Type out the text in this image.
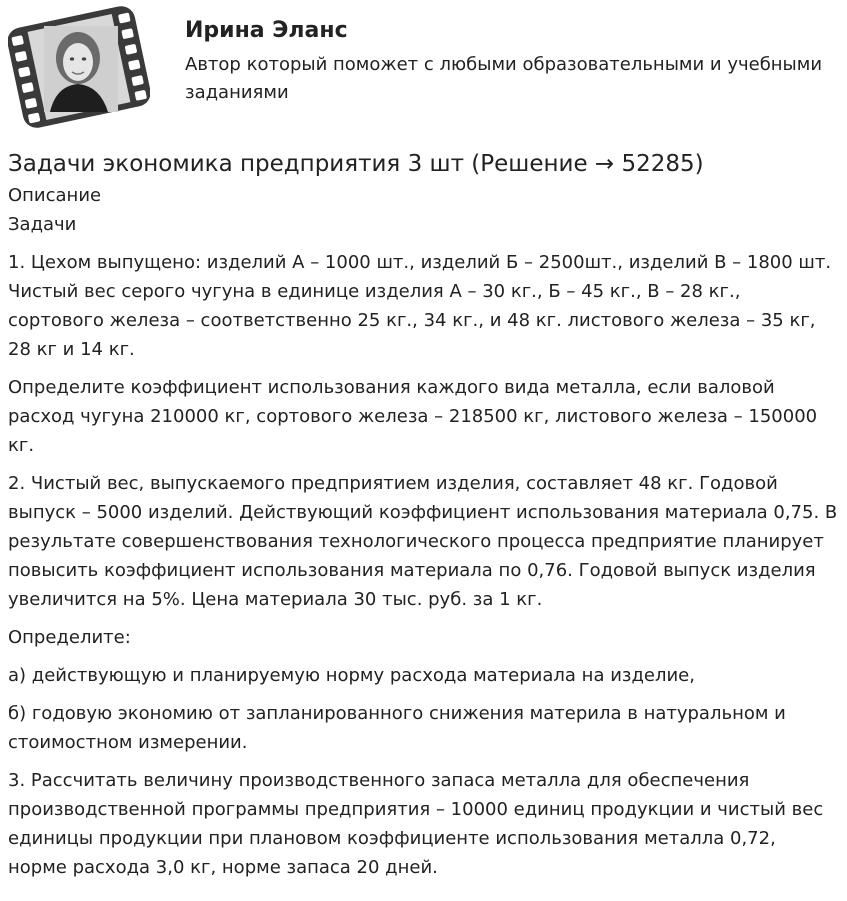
Ирина Эланс
Автор который поможет с любыми образовательными и учебными заданиями
Задачи экономика предприятия 3 шт (Решение → 52285)
Описание
Задачи

1. Цехом выпущено: изделий А – 1000 шт., изделий Б – 2500шт., изделий В – 1800 шт. Чистый вес серого чугуна в единице изделия А – 30 кг., Б – 45 кг., В – 28 кг., сортового железа – соответственно 25 кг., 34 кг., и 48 кг. листового железа – 35 кг, 28 кг и 14 кг.

Определите коэффициент использования каждого вида металла, если валовой расход чугуна 210000 кг, сортового железа – 218500 кг, листового железа – 150000 кг.

2. Чистый вес, выпускаемого предприятием изделия, составляет 48 кг. Годовой выпуск – 5000 изделий. Действующий коэффициент использования материала 0,75. В результате совершенствования технологического процесса предприятие планирует повысить коэффициент использования материала по 0,76. Годовой выпуск изделия увеличится на 5%. Цена материала 30 тыс. руб. за 1 кг.

Определите:

а) действующую и планируемую норму расхода материала на изделие,

б) годовую экономию от запланированного снижения материла в натуральном и стоимостном измерении.

3. Рассчитать величину производственного запаса металла для обеспечения производственной программы предприятия – 10000 единиц продукции и чистый вес единицы продукции при плановом коэффициенте использования металла 0,72, норме расхода 3,0 кг, норме запаса 20 дней.
